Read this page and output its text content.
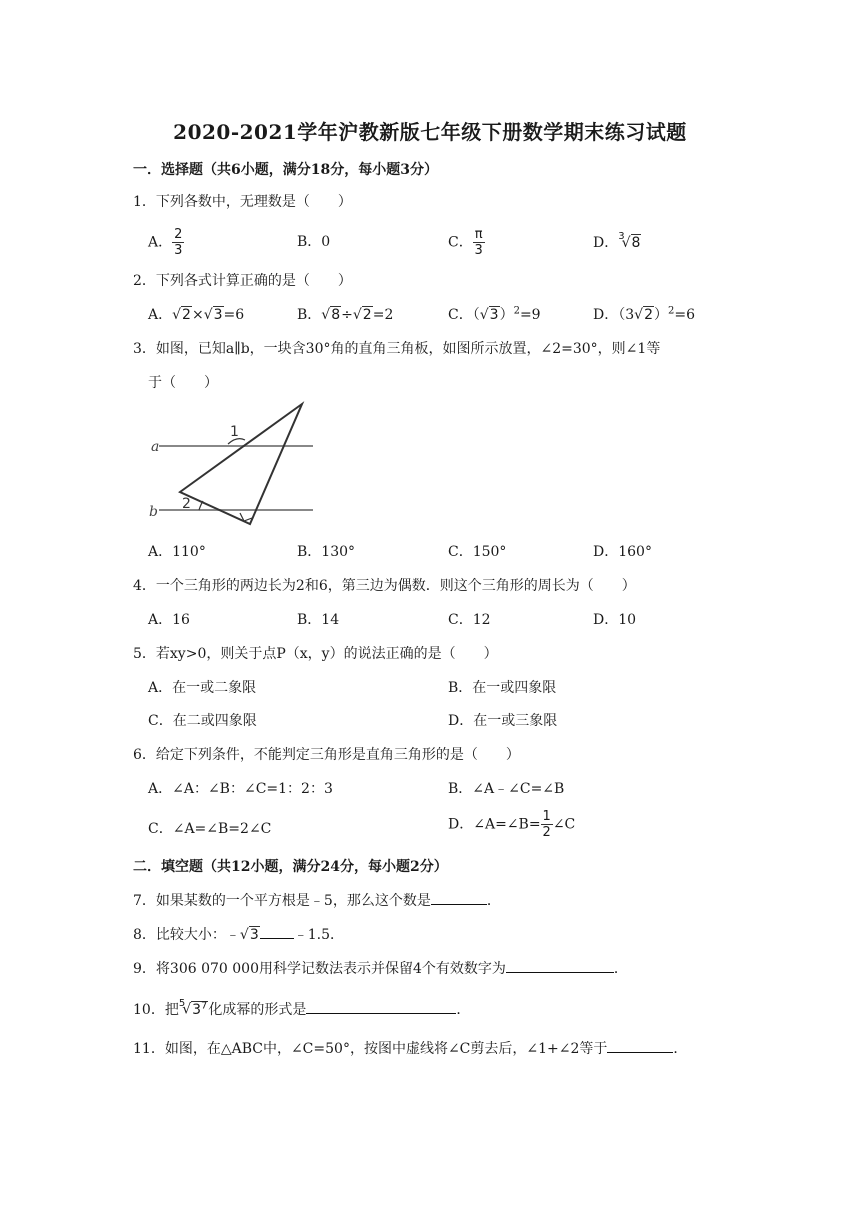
2020-2021学年沪教新版七年级下册数学期末练习试题
一．选择题（共6小题，满分18分，每小题3分）
1．下列各数中，无理数是（　　）
A． $\frac{2}{3}$	B．0	C． $\frac{\pi}{3}$	D．$^3$√8
2．下列各式计算正确的是（　　）
A．√2×√3=6	B．√8÷√2=2	C．$(√3)^2=9$	D．$(3√2)^2=6$
3．如图，已知a∥b，一块含30°角的直角三角板，如图所示放置，∠2=30°，则∠1等
于（　　）
a
b
1
2
A．110°	B．130°	C．150°	D．160°
4．一个三角形的两边长为2和6，第三边为偶数．则这个三角形的周长为（　　）
A．16	B．14	C．12	D．10
5．若xy>0，则关于点P（x，y）的说法正确的是（　　）
A．在一或二象限	B．在一或四象限
C．在二或四象限	D．在一或三象限
6．给定下列条件，不能判定三角形是直角三角形的是（　　）
A．∠A：∠B：∠C=1：2：3	B．∠A﹣∠C=∠B
C．∠A=∠B=2∠C	D．∠A=∠B= $\frac{1}{2}$ ∠C
二．填空题（共12小题，满分24分，每小题2分）
7．如果某数的一个平方根是﹣5，那么这个数是	．
8．比较大小：﹣√3	﹣1.5．
9．将306 070 000用科学记数法表示并保留4个有效数字为	．
10．把$^5√3^7$化成幂的形式是	．
11．如图，在△ABC中，∠C=50°，按图中虚线将∠C剪去后，∠1+∠2等于	．
